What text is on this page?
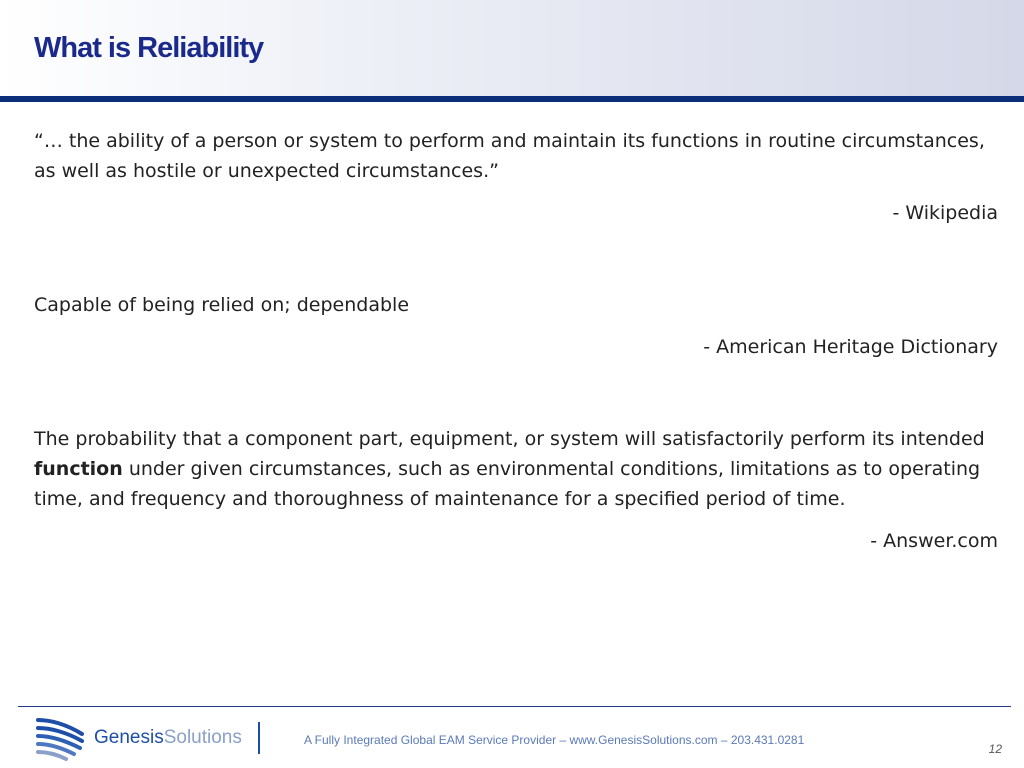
What is Reliability

“… the ability of a person or system to perform and maintain its functions in routine circumstances, as well as hostile or unexpected circumstances.”

- Wikipedia

Capable of being relied on; dependable

- American Heritage Dictionary

The probability that a component part, equipment, or system will satisfactorily perform its intended function under given circumstances, such as environmental conditions, limitations as to operating time, and frequency and thoroughness of maintenance for a specified period of time.

- Answer.com

GenesisSolutions	A Fully Integrated Global EAM Service Provider – www.GenesisSolutions.com – 203.431.0281
12
